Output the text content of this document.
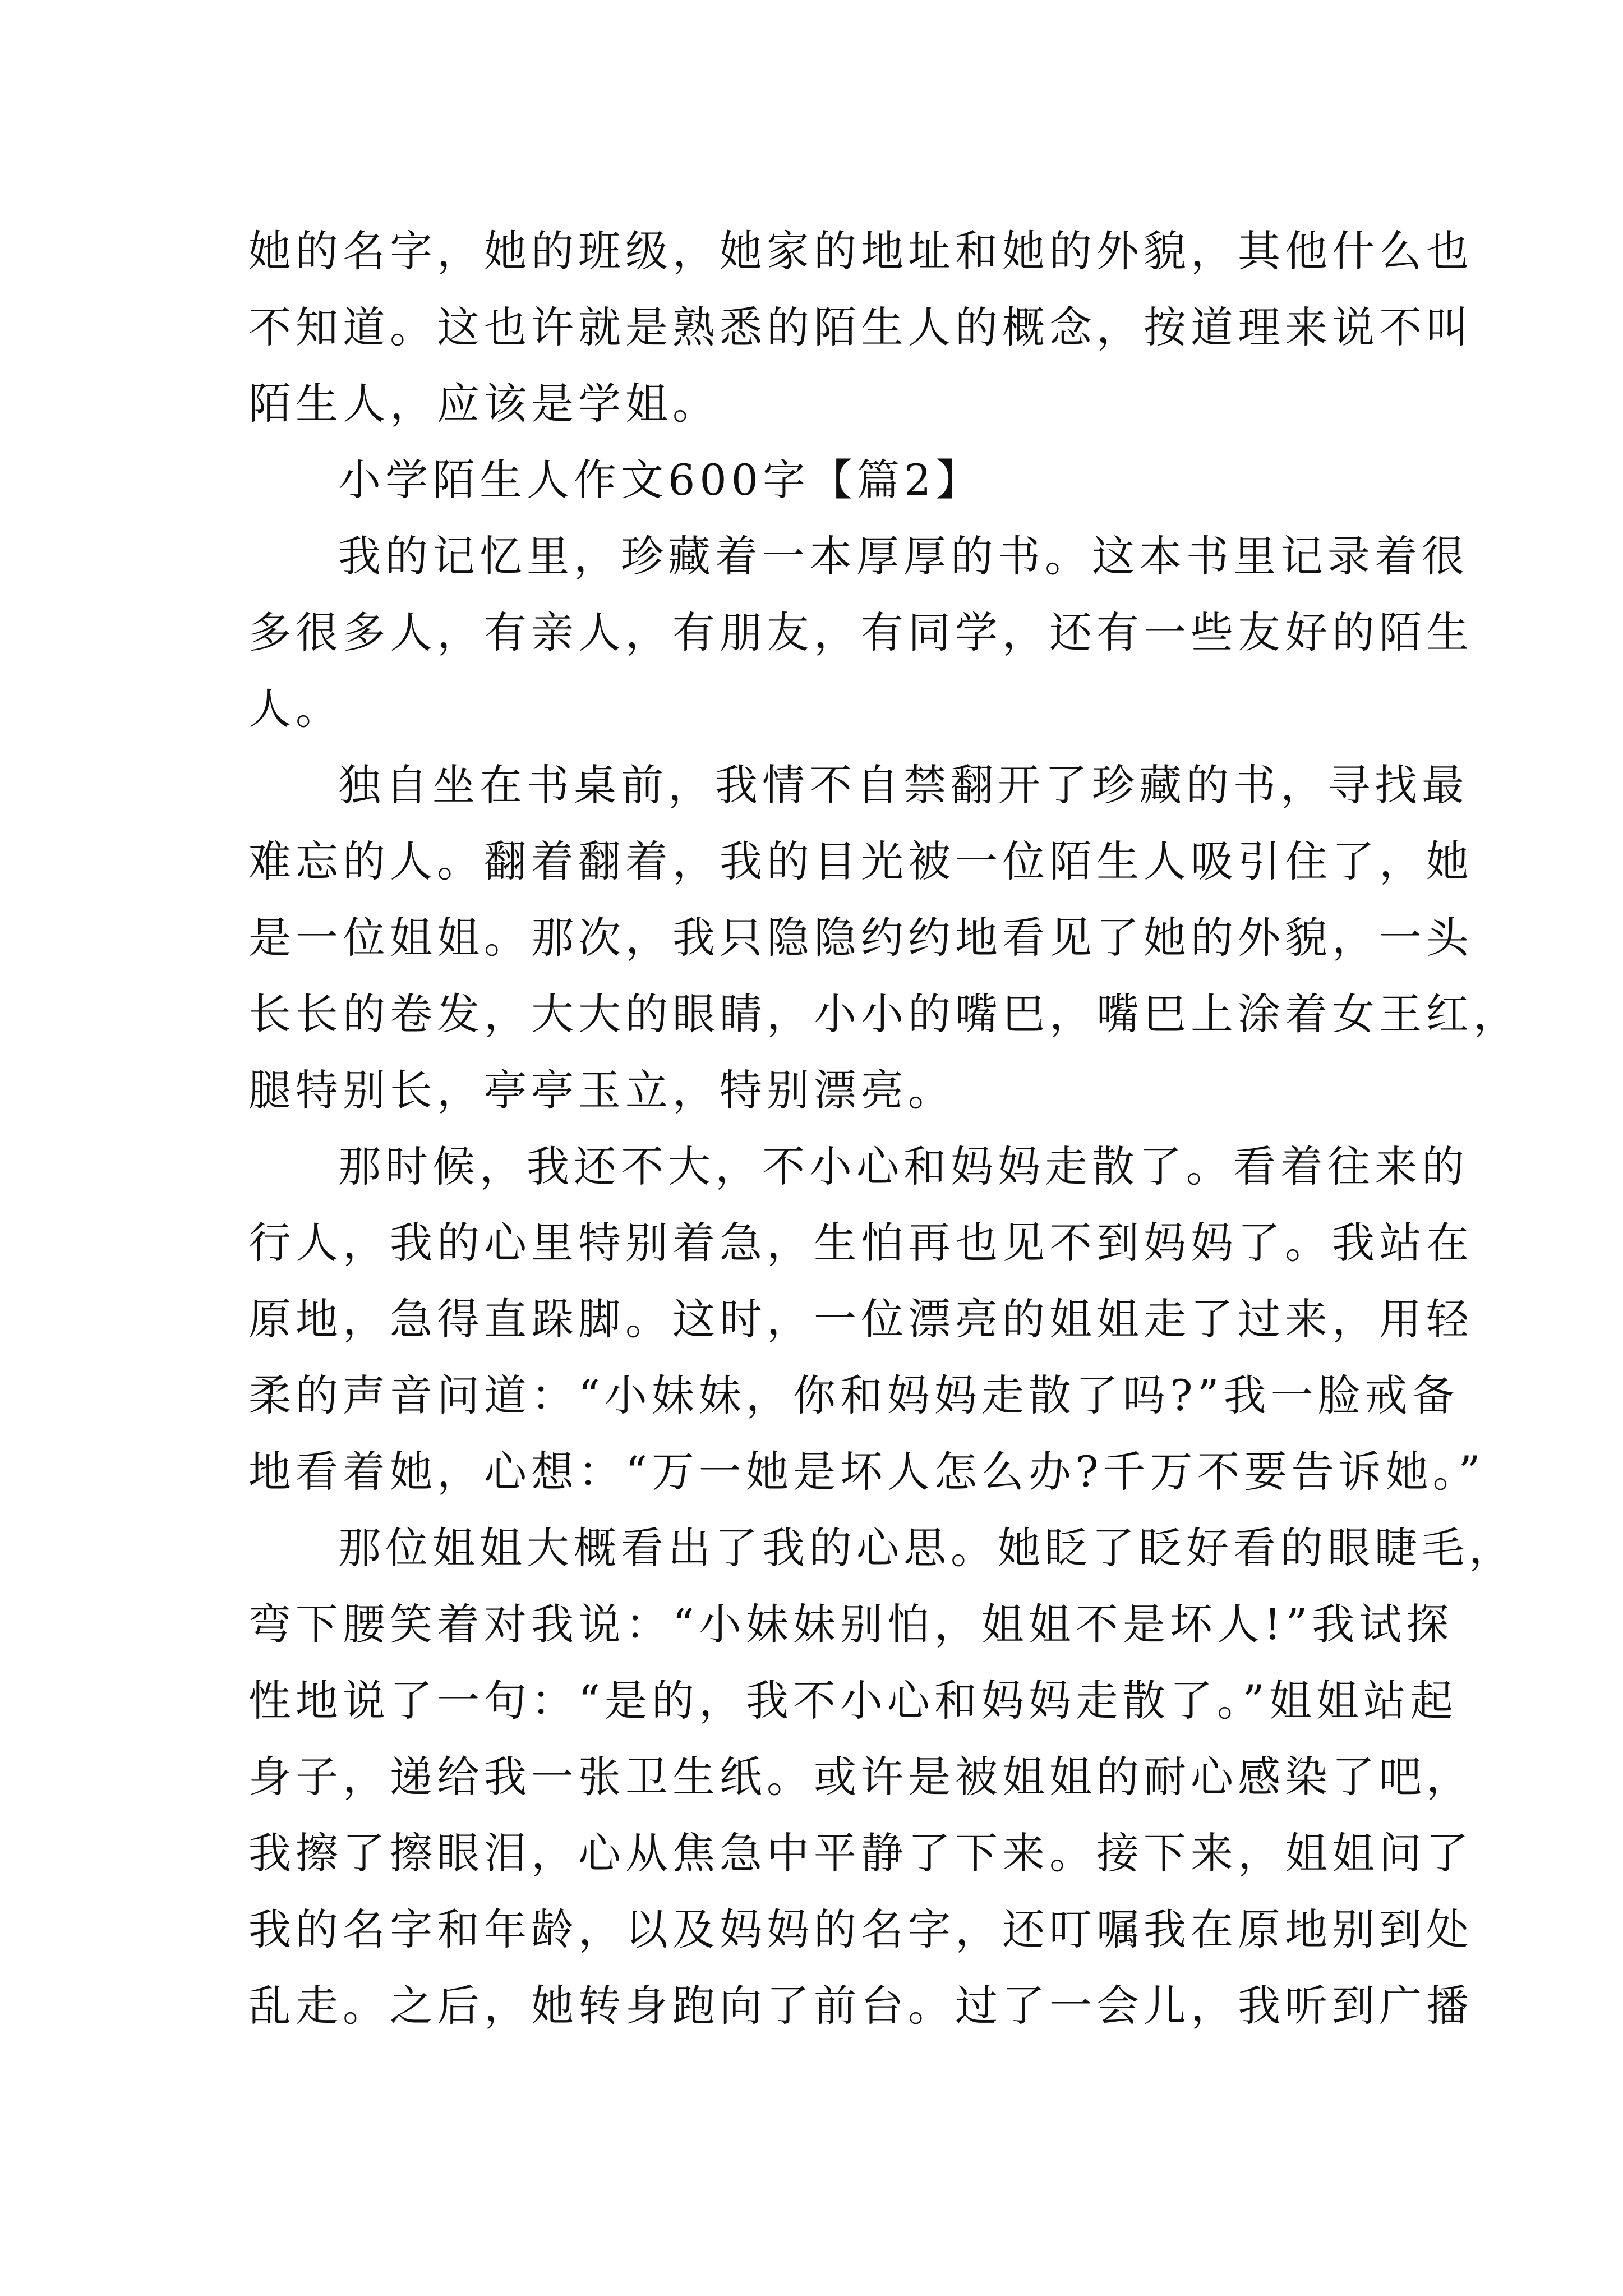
她的名字，她的班级，她家的地址和她的外貌，其他什么也
不知道。这也许就是熟悉的陌生人的概念，按道理来说不叫
陌生人，应该是学姐。
小学陌生人作文600字【篇2】
我的记忆里，珍藏着一本厚厚的书。这本书里记录着很
多很多人，有亲人，有朋友，有同学，还有一些友好的陌生
人。
独自坐在书桌前，我情不自禁翻开了珍藏的书，寻找最
难忘的人。翻着翻着，我的目光被一位陌生人吸引住了，她
是一位姐姐。那次，我只隐隐约约地看见了她的外貌，一头
长长的卷发，大大的眼睛，小小的嘴巴，嘴巴上涂着女王红，
腿特别长，亭亭玉立，特别漂亮。
那时候，我还不大，不小心和妈妈走散了。看着往来的
行人，我的心里特别着急，生怕再也见不到妈妈了。我站在
原地，急得直跺脚。这时，一位漂亮的姐姐走了过来，用轻
柔的声音问道：“小妹妹，你和妈妈走散了吗?”我一脸戒备
地看着她，心想：“万一她是坏人怎么办?千万不要告诉她。”
那位姐姐大概看出了我的心思。她眨了眨好看的眼睫毛，
弯下腰笑着对我说：“小妹妹别怕，姐姐不是坏人!”我试探
性地说了一句：“是的，我不小心和妈妈走散了。”姐姐站起
身子，递给我一张卫生纸。或许是被姐姐的耐心感染了吧，
我擦了擦眼泪，心从焦急中平静了下来。接下来，姐姐问了
我的名字和年龄，以及妈妈的名字，还叮嘱我在原地别到处
乱走。之后，她转身跑向了前台。过了一会儿，我听到广播
